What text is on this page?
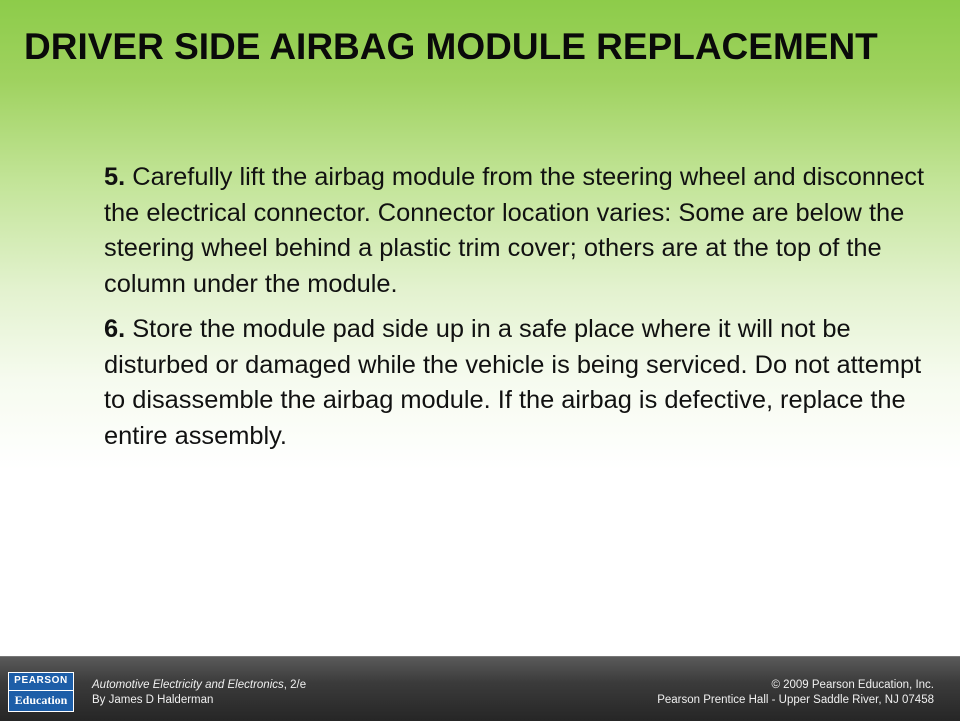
DRIVER SIDE AIRBAG MODULE REPLACEMENT

5. Carefully lift the airbag module from the steering wheel and disconnect the electrical connector. Connector location varies: Some are below the steering wheel behind a plastic trim cover; others are at the top of the column under the module.

6. Store the module pad side up in a safe place where it will not be disturbed or damaged while the vehicle is being serviced. Do not attempt to disassemble the airbag module. If the airbag is defective, replace the entire assembly.

PEARSON
Education
Automotive Electricity and Electronics, 2/e
By James D Halderman
© 2009 Pearson Education, Inc.
Pearson Prentice Hall - Upper Saddle River, NJ 07458
